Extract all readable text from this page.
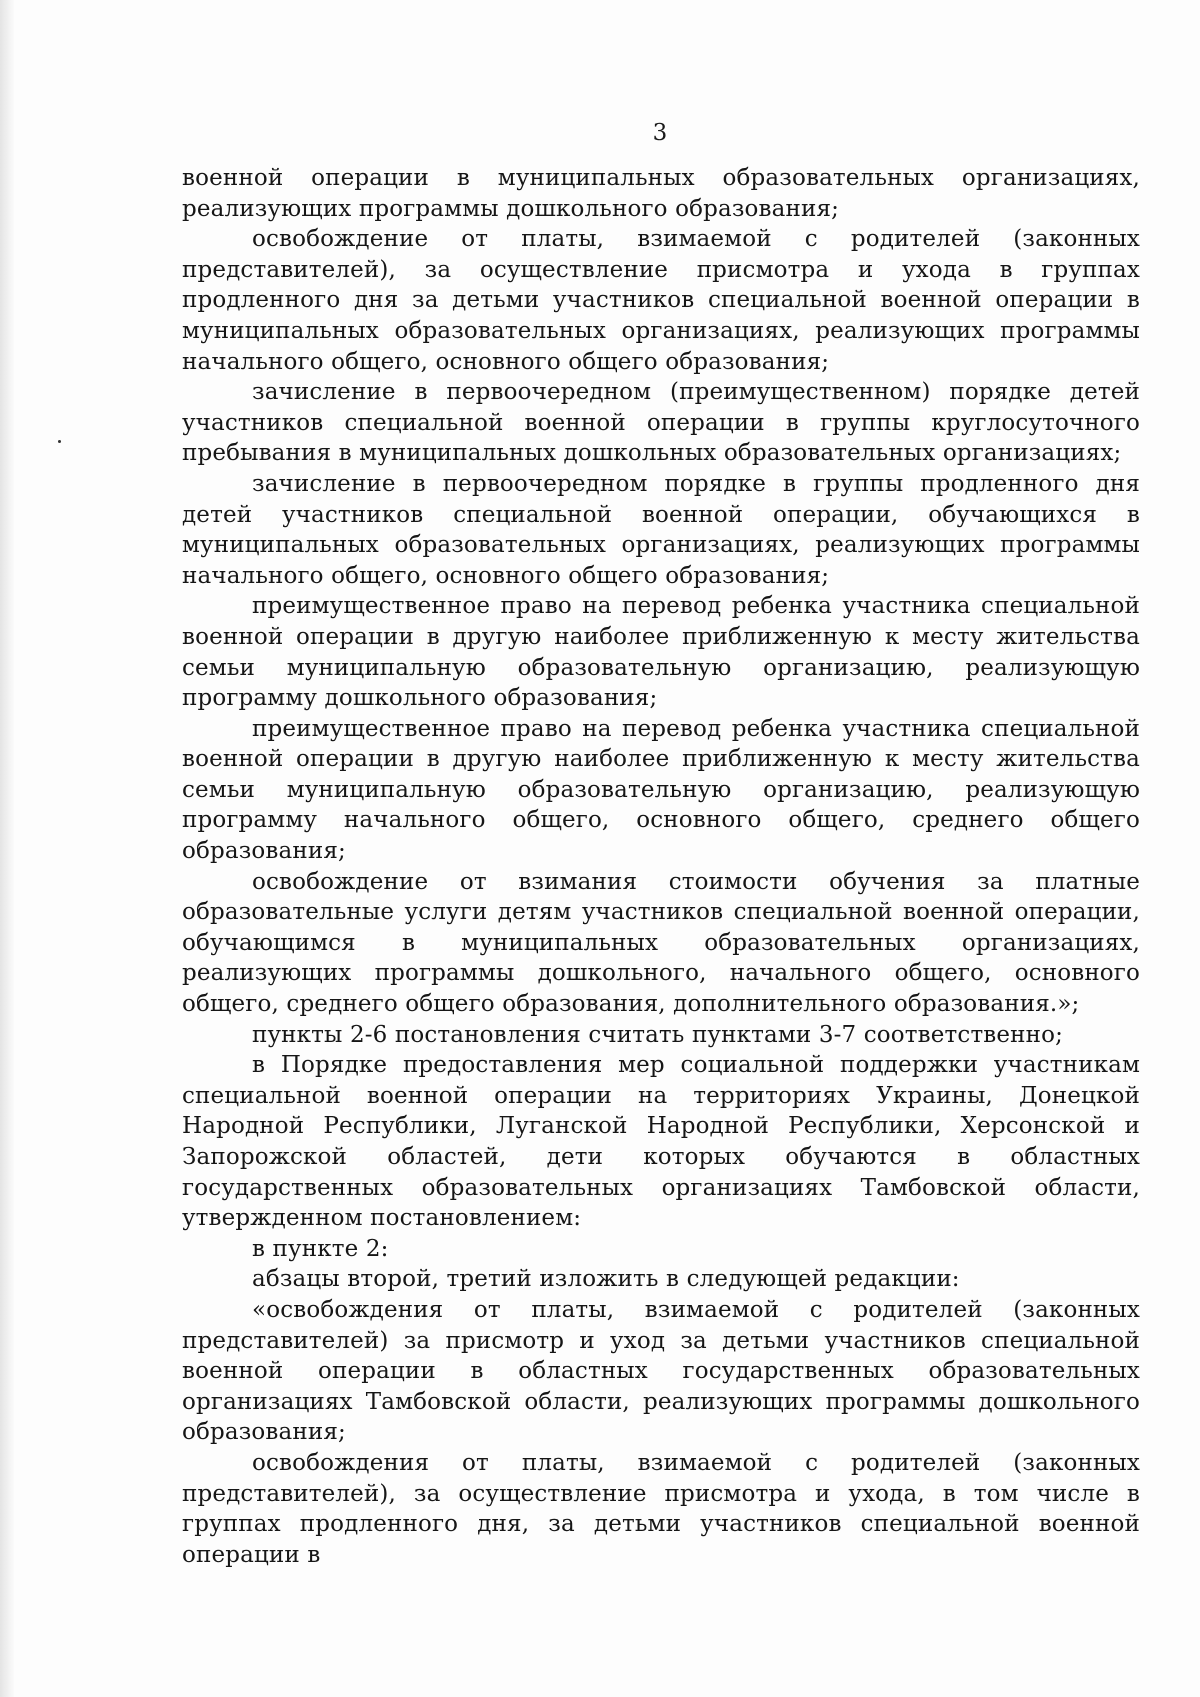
3

военной операции в муниципальных образовательных организациях, реализующих программы дошкольного образования;

освобождение от платы, взимаемой с родителей (законных представителей), за осуществление присмотра и ухода в группах продленного дня за детьми участников специальной военной операции в муниципальных образовательных организациях, реализующих программы начального общего, основного общего образования;

зачисление в первоочередном (преимущественном) порядке детей участников специальной военной операции в группы круглосуточного пребывания в муниципальных дошкольных образовательных организациях;

зачисление в первоочередном порядке в группы продленного дня детей участников специальной военной операции, обучающихся в муниципальных образовательных организациях, реализующих программы начального общего, основного общего образования;

преимущественное право на перевод ребенка участника специальной военной операции в другую наиболее приближенную к месту жительства семьи муниципальную образовательную организацию, реализующую программу дошкольного образования;

преимущественное право на перевод ребенка участника специальной военной операции в другую наиболее приближенную к месту жительства семьи муниципальную образовательную организацию, реализующую программу начального общего, основного общего, среднего общего образования;

освобождение от взимания стоимости обучения за платные образовательные услуги детям участников специальной военной операции, обучающимся в муниципальных образовательных организациях, реализующих программы дошкольного, начального общего, основного общего, среднего общего образования, дополнительного образования.»;

пункты 2-6 постановления считать пунктами 3-7 соответственно;

в Порядке предоставления мер социальной поддержки участникам специальной военной операции на территориях Украины, Донецкой Народной Республики, Луганской Народной Республики, Херсонской и Запорожской областей, дети которых обучаются в областных государственных образовательных организациях Тамбовской области, утвержденном постановлением:

в пункте 2:

абзацы второй, третий изложить в следующей редакции:

«освобождения от платы, взимаемой с родителей (законных представителей) за присмотр и уход за детьми участников специальной военной операции в областных государственных образовательных организациях Тамбовской области, реализующих программы дошкольного образования;

освобождения от платы, взимаемой с родителей (законных представителей), за осуществление присмотра и ухода, в том числе в группах продленного дня, за детьми участников специальной военной операции в
